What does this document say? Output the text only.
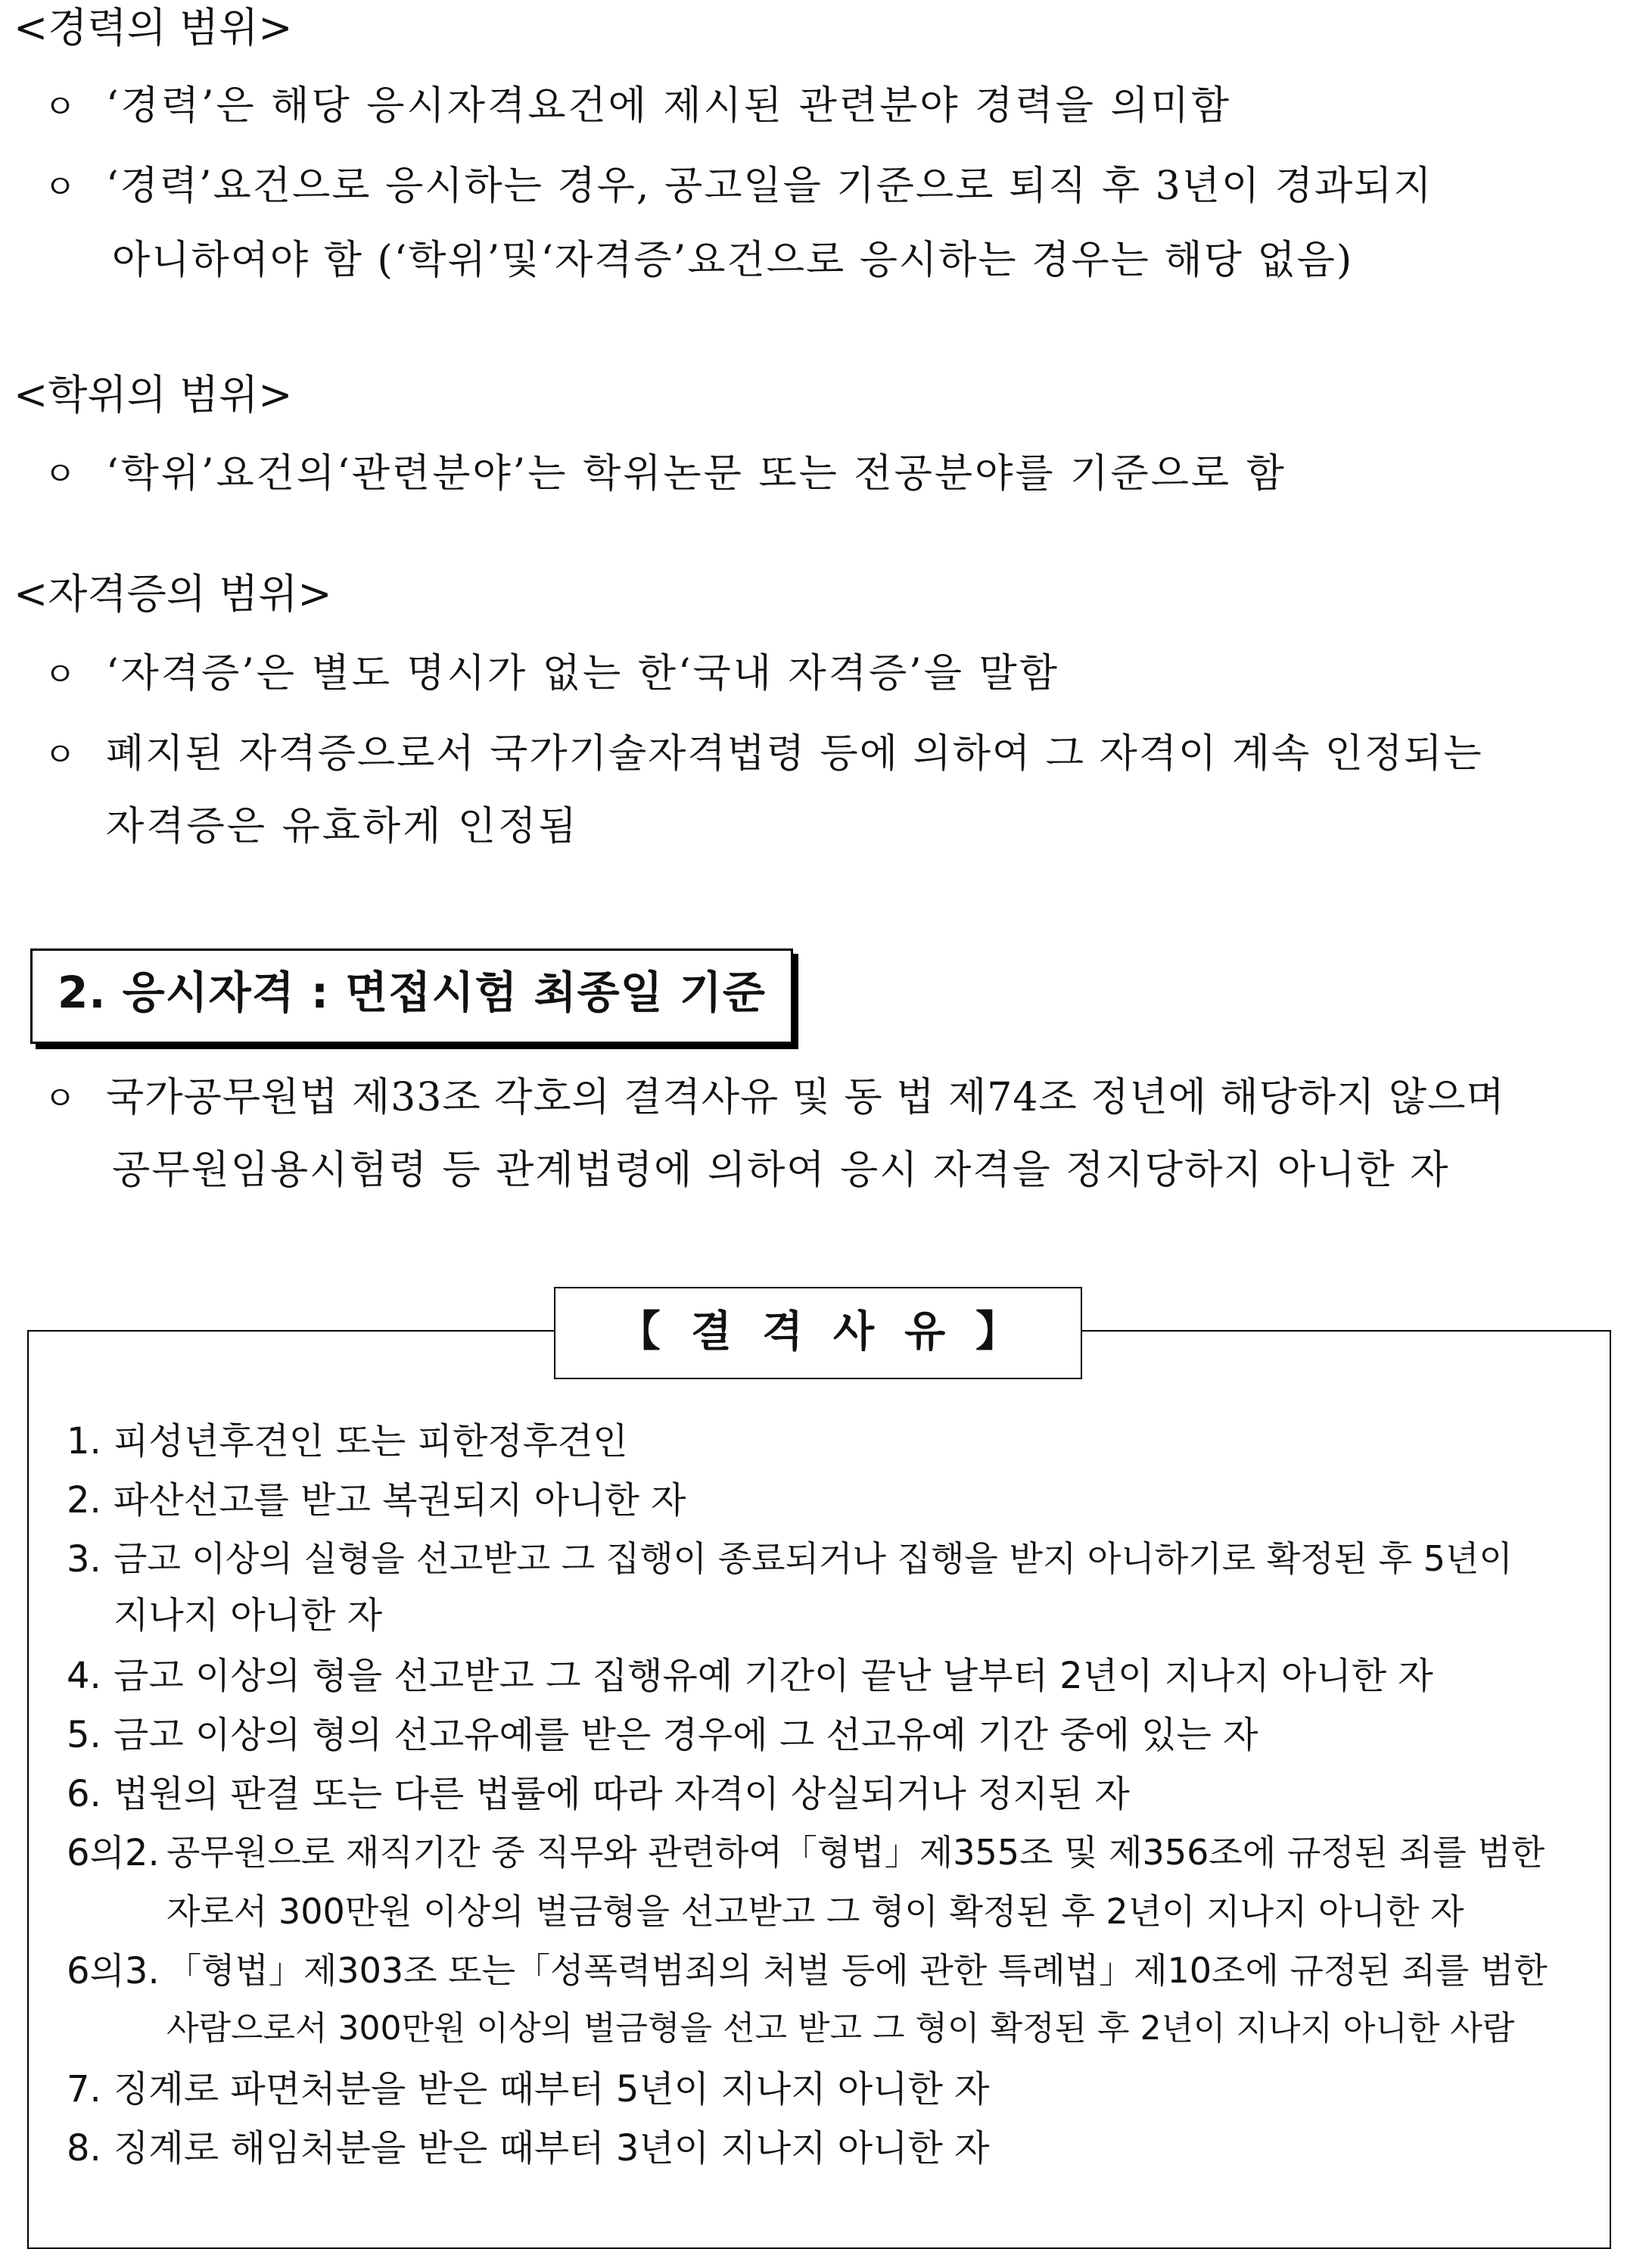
<경력의 범위>
ㅇ ‘경력’은 해당 응시자격요건에 제시된 관련분야 경력을 의미함
ㅇ ‘경력’요건으로 응시하는 경우, 공고일을 기준으로 퇴직 후 3년이 경과되지
아니하여야 함 (‘학위’및‘자격증’요건으로 응시하는 경우는 해당 없음)
<학위의 범위>
ㅇ ‘학위’요건의‘관련분야’는 학위논문 또는 전공분야를 기준으로 함
<자격증의 범위>
ㅇ ‘자격증’은 별도 명시가 없는 한‘국내 자격증’을 말함
ㅇ 폐지된 자격증으로서 국가기술자격법령 등에 의하여 그 자격이 계속 인정되는
자격증은 유효하게 인정됨
2. 응시자격 : 면접시험 최종일 기준
ㅇ 국가공무원법 제33조 각호의 결격사유 및 동 법 제74조 정년에 해당하지 않으며
공무원임용시험령 등 관계법령에 의하여 응시 자격을 정지당하지 아니한 자
【결격사유】
1. 피성년후견인 또는 피한정후견인
2. 파산선고를 받고 복권되지 아니한 자
3. 금고 이상의 실형을 선고받고 그 집행이 종료되거나 집행을 받지 아니하기로 확정된 후 5년이
지나지 아니한 자
4. 금고 이상의 형을 선고받고 그 집행유예 기간이 끝난 날부터 2년이 지나지 아니한 자
5. 금고 이상의 형의 선고유예를 받은 경우에 그 선고유예 기간 중에 있는 자
6. 법원의 판결 또는 다른 법률에 따라 자격이 상실되거나 정지된 자
6의2. 공무원으로 재직기간 중 직무와 관련하여「형법」제355조 및 제356조에 규정된 죄를 범한
자로서 300만원 이상의 벌금형을 선고받고 그 형이 확정된 후 2년이 지나지 아니한 자
6의3. 「형법」제303조 또는「성폭력범죄의 처벌 등에 관한 특례법」제10조에 규정된 죄를 범한
사람으로서 300만원 이상의 벌금형을 선고 받고 그 형이 확정된 후 2년이 지나지 아니한 사람
7. 징계로 파면처분을 받은 때부터 5년이 지나지 아니한 자
8. 징계로 해임처분을 받은 때부터 3년이 지나지 아니한 자
